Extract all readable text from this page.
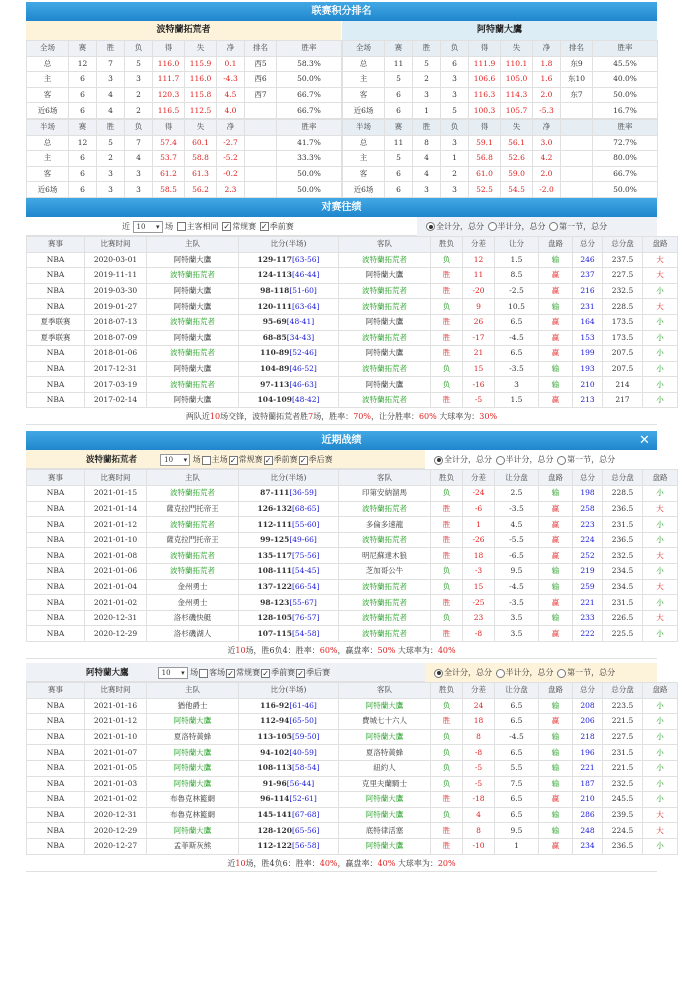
联赛积分排名
波特蘭拓荒者	阿特蘭大鷹
全场	赛	胜	负	得	失	净	排名	胜率
总	12	7	5	116.0	115.9	0.1	西5	58.3%
主	6	3	3	111.7	116.0	-4.3	西6	50.0%
客	6	4	2	120.3	115.8	4.5	西7	66.7%
近6场	6	4	2	116.5	112.5	4.0		66.7%
全场	赛	胜	负	得	失	净	排名	胜率
总	11	5	6	111.9	110.1	1.8	东9	45.5%
主	5	2	3	106.6	105.0	1.6	东10	40.0%
客	6	3	3	116.3	114.3	2.0	东7	50.0%
近6场	6	1	5	100.3	105.7	-5.3		16.7%
半场	赛	胜	负	得	失	净		胜率
总	12	5	7	57.4	60.1	-2.7		41.7%
主	6	2	4	53.7	58.8	-5.2		33.3%
客	6	3	3	61.2	61.3	-0.2		50.0%
近6场	6	3	3	58.5	56.2	2.3		50.0%
半场	赛	胜	负	得	失	净		胜率
总	11	8	3	59.1	56.1	3.0		72.7%
主	5	4	1	56.8	52.6	4.2		80.0%
客	6	4	2	61.0	59.0	2.0		66.7%
近6场	6	3	3	52.5	54.5	-2.0		50.0%
对赛往绩
近 10 ▾ 场 主客相同 ✓ 常规赛 ✓ 季前赛	全计分，总分 半计分，总分 第一节，总分
赛事	比赛时间	主队	比分(半场)	客队	胜负	分差	让分	盘路	总分	总分盘	盘路
NBA	2020-03-01	阿特蘭大鷹	129-117[63-56]	波特蘭拓荒者	负	12	1.5	输	246	237.5	大
NBA	2019-11-11	波特蘭拓荒者	124-113[46-44]	阿特蘭大鷹	胜	11	8.5	赢	237	227.5	大
NBA	2019-03-30	阿特蘭大鷹	98-118[51-60]	波特蘭拓荒者	胜	-20	-2.5	赢	216	232.5	小
NBA	2019-01-27	阿特蘭大鷹	120-111[63-64]	波特蘭拓荒者	负	9	10.5	输	231	228.5	大
夏季联赛	2018-07-13	波特蘭拓荒者	95-69[48-41]	阿特蘭大鷹	胜	26	6.5	赢	164	173.5	小
夏季联赛	2018-07-09	阿特蘭大鷹	68-85[34-43]	波特蘭拓荒者	胜	-17	-4.5	赢	153	173.5	小
NBA	2018-01-06	波特蘭拓荒者	110-89[52-46]	阿特蘭大鷹	胜	21	6.5	赢	199	207.5	小
NBA	2017-12-31	阿特蘭大鷹	104-89[46-52]	波特蘭拓荒者	负	15	-3.5	输	193	207.5	小
NBA	2017-03-19	波特蘭拓荒者	97-113[46-63]	阿特蘭大鷹	负	-16	3	输	210	214	小
NBA	2017-02-14	阿特蘭大鷹	104-109[48-42]	波特蘭拓荒者	胜	-5	1.5	赢	213	217	小
两队近10场交锋，波特蘭拓荒者胜7场，胜率：70%，让分胜率：60% 大球率为：30%
近期战绩	✕
波特蘭拓荒者	10 ▾ 场 主场 ✓ 常规赛 ✓ 季前赛 ✓ 季后赛	全计分，总分 半计分，总分 第一节，总分
赛事	比赛时间	主队	比分(半场)	客队	胜负	分差	让分盘	盘路	总分	总分盘	盘路
NBA	2021-01-15	波特蘭拓荒者	87-111[36-59]	印第安納溜馬	负	-24	2.5	输	198	228.5	小
NBA	2021-01-14	薩克拉門托帝王	126-132[68-65]	波特蘭拓荒者	胜	-6	-3.5	赢	258	236.5	大
NBA	2021-01-12	波特蘭拓荒者	112-111[55-60]	多倫多速龍	胜	1	4.5	赢	223	231.5	小
NBA	2021-01-10	薩克拉門托帝王	99-125[49-66]	波特蘭拓荒者	胜	-26	-5.5	赢	224	236.5	小
NBA	2021-01-08	波特蘭拓荒者	135-117[75-56]	明尼蘇達木狼	胜	18	-6.5	赢	252	232.5	大
NBA	2021-01-06	波特蘭拓荒者	108-111[54-45]	芝加哥公牛	负	-3	9.5	输	219	234.5	小
NBA	2021-01-04	金州勇士	137-122[66-54]	波特蘭拓荒者	负	15	-4.5	输	259	234.5	大
NBA	2021-01-02	金州勇士	98-123[55-67]	波特蘭拓荒者	胜	-25	-3.5	赢	221	231.5	小
NBA	2020-12-31	洛杉磯快艇	128-105[76-57]	波特蘭拓荒者	负	23	3.5	输	233	226.5	大
NBA	2020-12-29	洛杉磯湖人	107-115[54-58]	波特蘭拓荒者	胜	-8	3.5	赢	222	225.5	小
近10场，胜6负4：胜率：60%，赢盘率：50% 大球率为：40%
阿特蘭大鷹	10 ▾ 场 客场 ✓ 常规赛 ✓ 季前赛 ✓ 季后赛	全计分，总分 半计分，总分 第一节，总分
赛事	比赛时间	主队	比分(半场)	客队	胜负	分差	让分盘	盘路	总分	总分盘	盘路
NBA	2021-01-16	猶他爵士	116-92[61-46]	阿特蘭大鷹	负	24	6.5	输	208	223.5	小
NBA	2021-01-12	阿特蘭大鷹	112-94[65-50]	費城七十六人	胜	18	6.5	赢	206	221.5	小
NBA	2021-01-10	夏洛特黃蜂	113-105[59-50]	阿特蘭大鷹	负	8	-4.5	输	218	227.5	小
NBA	2021-01-07	阿特蘭大鷹	94-102[40-59]	夏洛特黃蜂	负	-8	6.5	输	196	231.5	小
NBA	2021-01-05	阿特蘭大鷹	108-113[58-54]	紐約人	负	-5	5.5	输	221	221.5	小
NBA	2021-01-03	阿特蘭大鷹	91-96[56-44]	克里夫蘭騎士	负	-5	7.5	输	187	232.5	小
NBA	2021-01-02	布魯克林籃網	96-114[52-61]	阿特蘭大鷹	胜	-18	6.5	赢	210	245.5	小
NBA	2020-12-31	布魯克林籃網	145-141[67-68]	阿特蘭大鷹	负	4	6.5	输	286	239.5	大
NBA	2020-12-29	阿特蘭大鷹	128-120[65-56]	底特律活塞	胜	8	9.5	输	248	224.5	大
NBA	2020-12-27	孟菲斯灰熊	112-122[56-58]	阿特蘭大鷹	胜	-10	1	赢	234	236.5	小
近10场，胜4负6：胜率：40%，赢盘率：40% 大球率为：20%
